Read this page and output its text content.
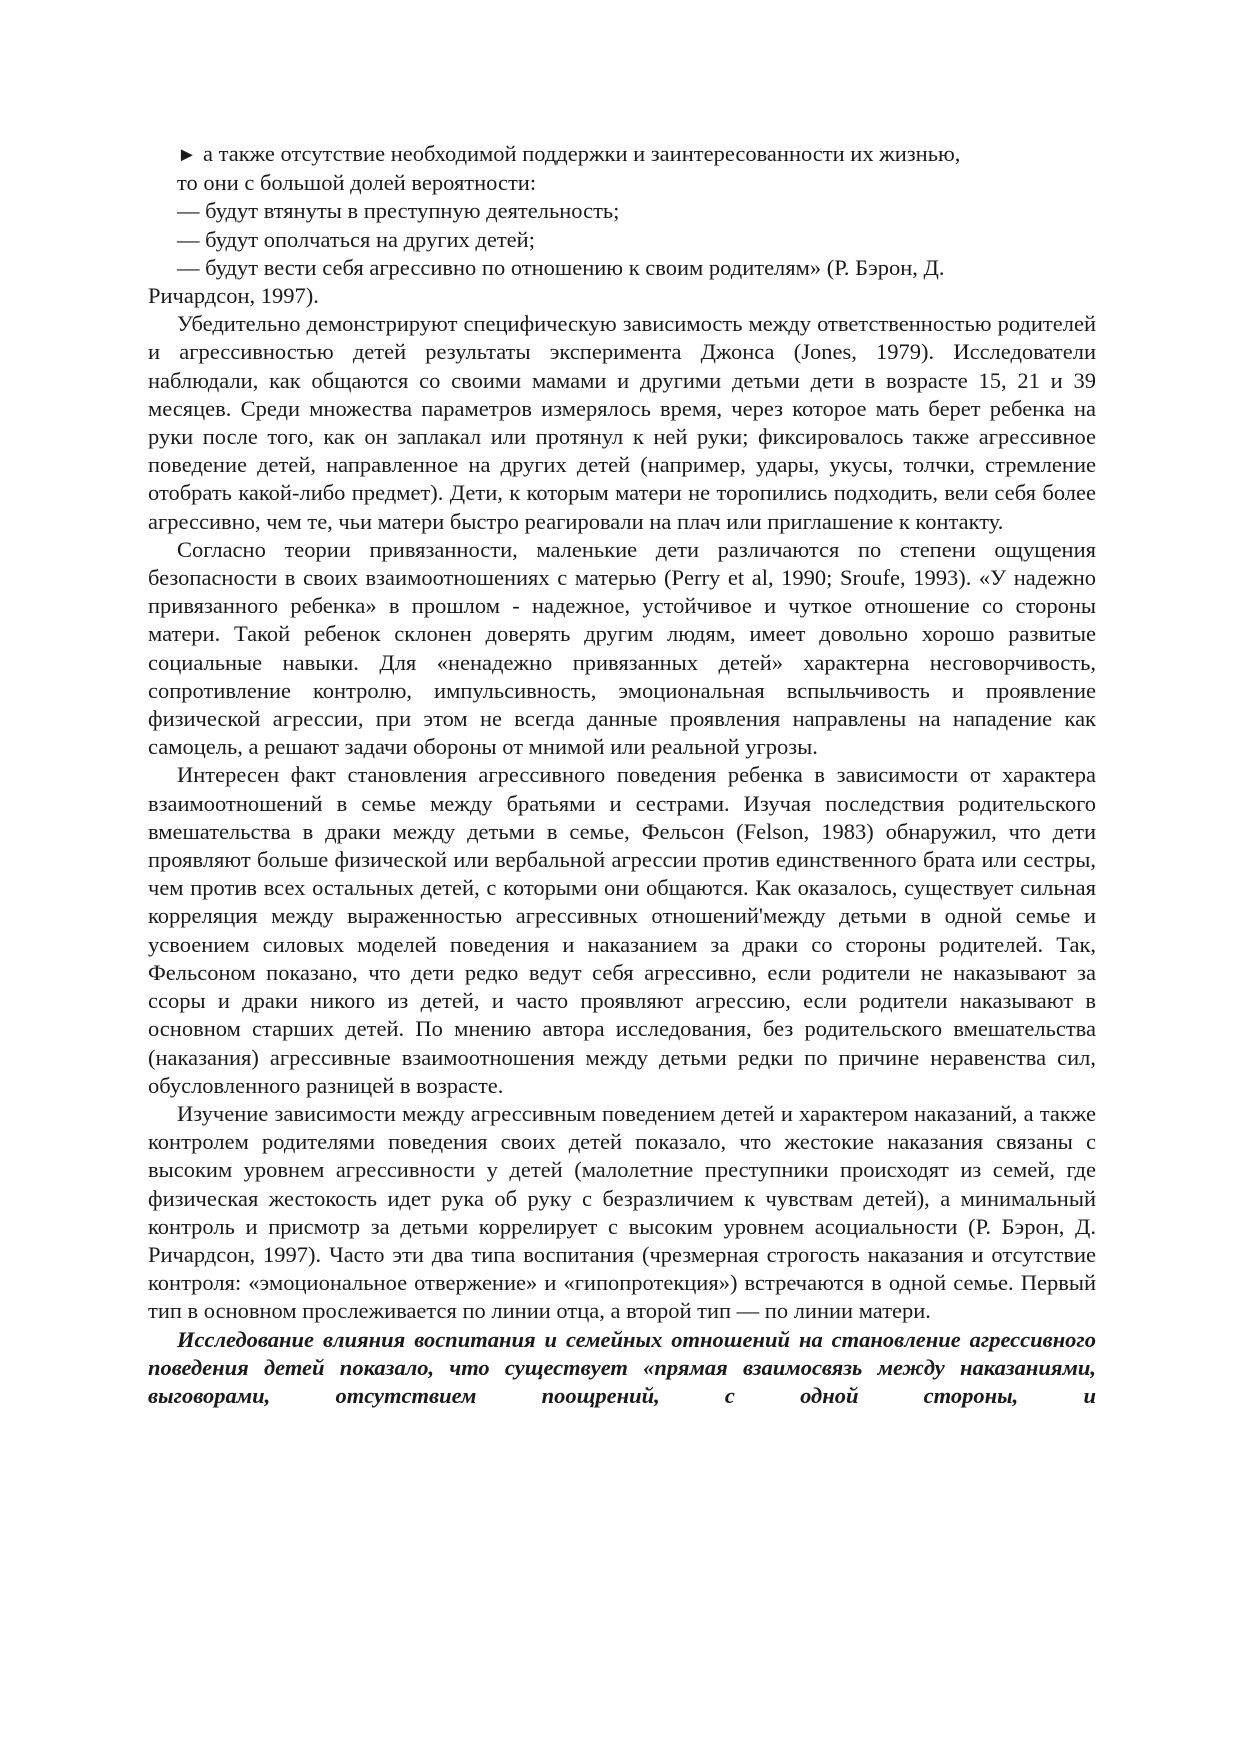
► а также отсутствие необходимой поддержки и заинтересованности их жизнью,

то они с большой долей вероятности:

— будут втянуты в преступную деятельность;

— будут ополчаться на других детей;

— будут вести себя агрессивно по отношению к своим родителям» (Р. Бэрон, Д.

Ричардсон, 1997).

Убедительно демонстрируют специфическую зависимость между ответственностью родителей и агрессивностью детей результаты эксперимента Джонса (Jones, 1979). Исследователи наблюдали, как общаются со своими мамами и другими детьми дети в возрасте 15, 21 и 39 месяцев. Среди множества параметров измерялось время, через которое мать берет ребенка на руки после того, как он заплакал или протянул к ней руки; фиксировалось также агрессивное поведение детей, направленное на других детей (например, удары, укусы, толчки, стремление отобрать какой-либо предмет). Дети, к которым матери не торопились подходить, вели себя более агрессивно, чем те, чьи матери быстро реагировали на плач или приглашение к контакту.

Согласно теории привязанности, маленькие дети различаются по степени ощущения безопасности в своих взаимоотношениях с матерью (Perry et al, 1990; Sroufe, 1993). «У надежно привязанного ребенка» в прошлом - надежное, устойчивое и чуткое отношение со стороны матери. Такой ребенок склонен доверять другим людям, имеет довольно хорошо развитые социальные навыки. Для «ненадежно привязанных детей» характерна несговорчивость, сопротивление контролю, импульсивность, эмоциональная вспыльчивость и проявление физической агрессии, при этом не всегда данные проявления направлены на нападение как самоцель, а решают задачи обороны от мнимой или реальной угрозы.

Интересен факт становления агрессивного поведения ребенка в зависимости от характера взаимоотношений в семье между братьями и сестрами. Изучая последствия родительского вмешательства в драки между детьми в семье, Фельсон (Felson, 1983) обнаружил, что дети проявляют больше физической или вербальной агрессии против единственного брата или сестры, чем против всех остальных детей, с которыми они общаются. Как оказалось, существует сильная корреляция между выраженностью агрессивных отношений'между детьми в одной семье и усвоением силовых моделей поведения и наказанием за драки со стороны родителей. Так, Фельсоном показано, что дети редко ведут себя агрессивно, если родители не наказывают за ссоры и драки никого из детей, и часто проявляют агрессию, если родители наказывают в основном старших детей. По мнению автора исследования, без родительского вмешательства (наказания) агрессивные взаимоотношения между детьми редки по причине неравенства сил, обусловленного разницей в возрасте.

Изучение зависимости между агрессивным поведением детей и характером наказаний, а также контролем родителями поведения своих детей показало, что жестокие наказания связаны с высоким уровнем агрессивности у детей (малолетние преступники происходят из семей, где физическая жестокость идет рука об руку с безразличием к чувствам детей), а минимальный контроль и присмотр за детьми коррелирует с высоким уровнем асоциальности (Р. Бэрон, Д. Ричардсон, 1997). Часто эти два типа воспитания (чрезмерная строгость наказания и отсутствие контроля: «эмоциональное отвержение» и «гипопротекция») встречаются в одной семье. Первый тип в основном прослеживается по линии отца, а второй тип — по линии матери.

Исследование влияния воспитания и семейных отношений на становление агрессивного поведения детей показало, что существует «прямая взаимосвязь между наказаниями, выговорами, отсутствием поощрений, с одной стороны, и
